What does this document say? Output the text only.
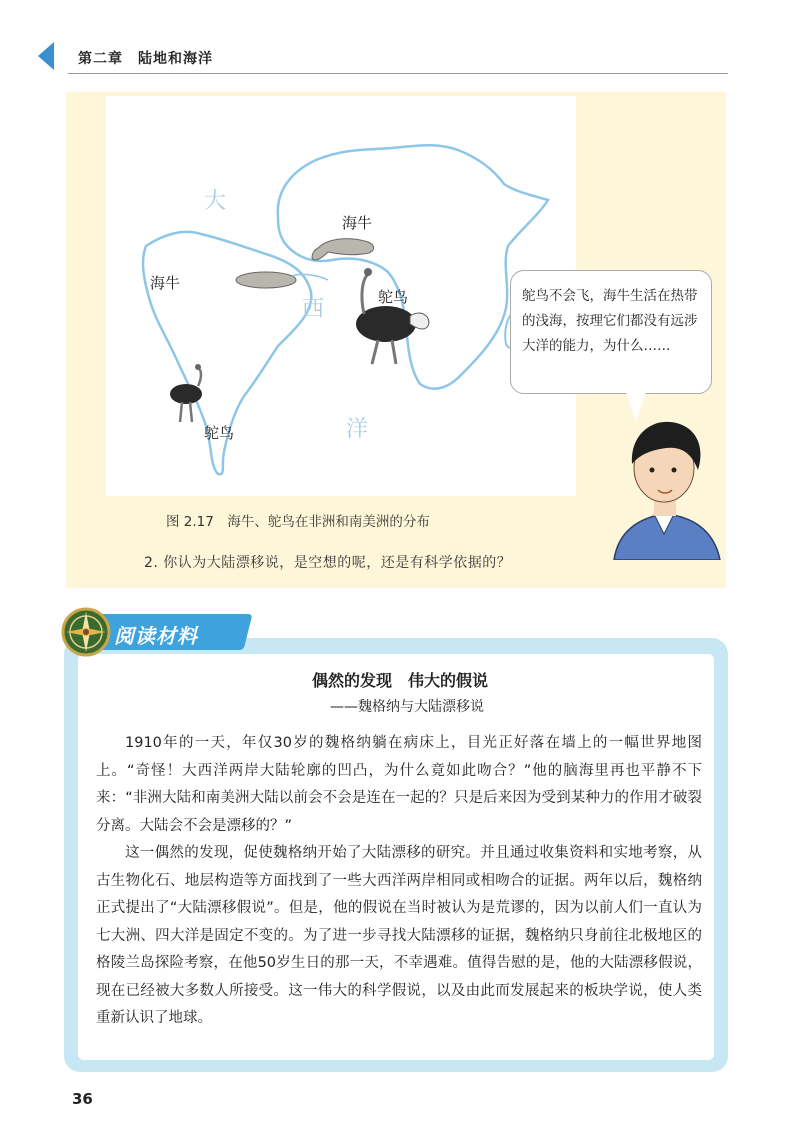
第二章　陆地和海洋
大
西
洋
海牛
海牛
鸵鸟
鸵鸟
鸵鸟不会飞，海牛生活在热带的浅海，按理它们都没有远涉大洋的能力，为什么……
图 2.17　海牛、鸵鸟在非洲和南美洲的分布
2. 你认为大陆漂移说，是空想的呢，还是有科学依据的？
阅读材料
偶然的发现　伟大的假说
——魏格纳与大陆漂移说

1910年的一天，年仅30岁的魏格纳躺在病床上，目光正好落在墙上的一幅世界地图上。“奇怪！大西洋两岸大陆轮廓的凹凸，为什么竟如此吻合？”他的脑海里再也平静不下来：“非洲大陆和南美洲大陆以前会不会是连在一起的？只是后来因为受到某种力的作用才破裂分离。大陆会不会是漂移的？”

这一偶然的发现，促使魏格纳开始了大陆漂移的研究。并且通过收集资料和实地考察，从古生物化石、地层构造等方面找到了一些大西洋两岸相同或相吻合的证据。两年以后，魏格纳正式提出了“大陆漂移假说”。但是，他的假说在当时被认为是荒谬的，因为以前人们一直认为七大洲、四大洋是固定不变的。为了进一步寻找大陆漂移的证据，魏格纳只身前往北极地区的格陵兰岛探险考察，在他50岁生日的那一天，不幸遇难。值得告慰的是，他的大陆漂移假说，现在已经被大多数人所接受。这一伟大的科学假说，以及由此而发展起来的板块学说，使人类重新认识了地球。

36
